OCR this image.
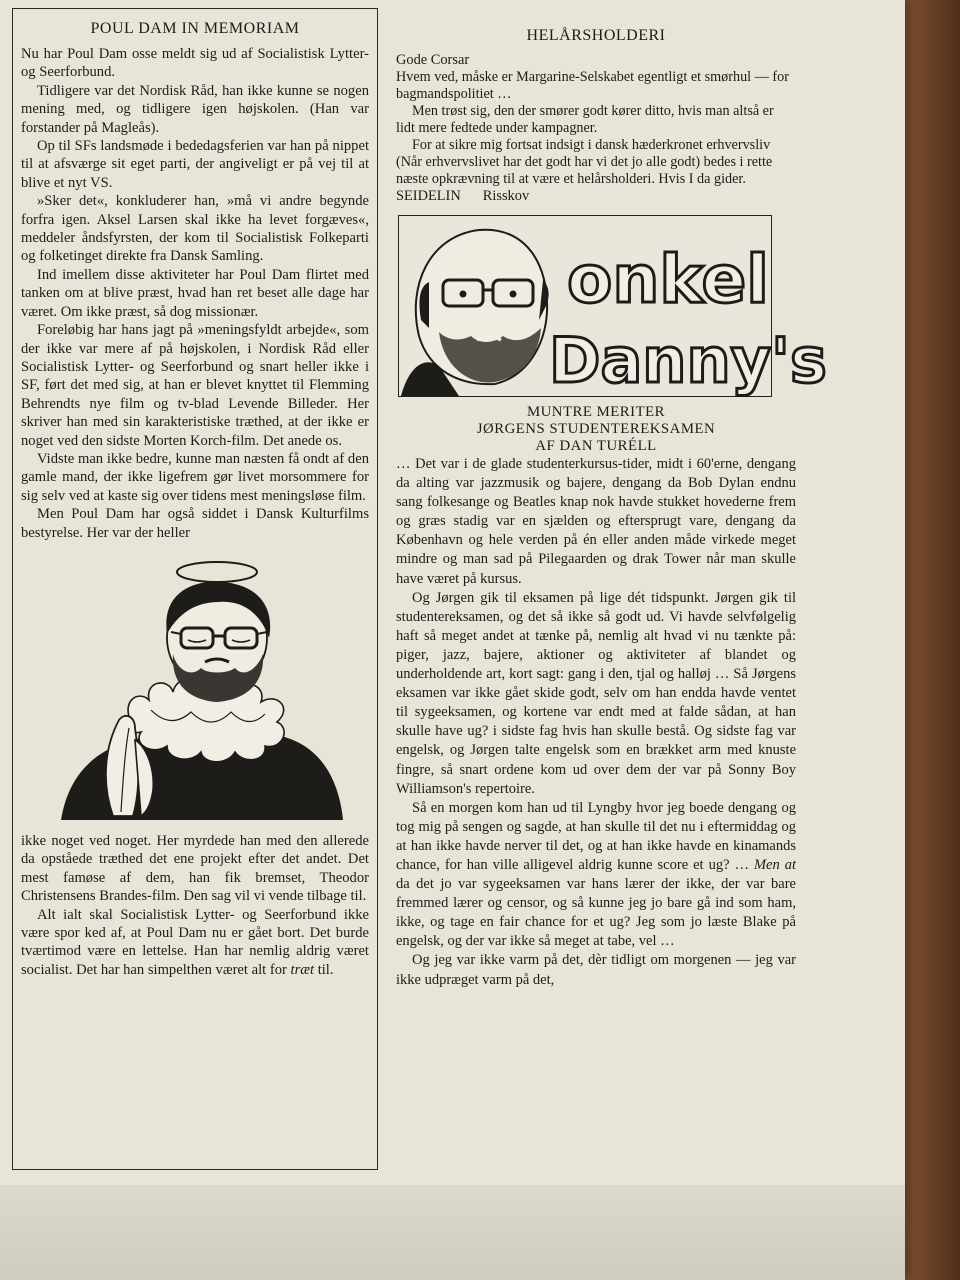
POUL DAM IN MEMORIAM

Nu har Poul Dam osse meldt sig ud af Socialistisk Lytter- og Seerforbund.

Tidligere var det Nordisk Råd, han ikke kunne se nogen mening med, og tidligere igen højskolen. (Han var forstander på Magleås).

Op til SFs landsmøde i bededagsferien var han på nippet til at afsværge sit eget parti, der angiveligt er på vej til at blive et nyt VS.

»Sker det«, konkluderer han, »må vi andre begynde forfra igen. Aksel Larsen skal ikke ha levet forgæves«, meddeler åndsfyrsten, der kom til Socialistisk Folkeparti og folketinget direkte fra Dansk Samling.

Ind imellem disse aktiviteter har Poul Dam flirtet med tanken om at blive præst, hvad han ret beset alle dage har været. Om ikke præst, så dog missionær.

Foreløbig har hans jagt på »meningsfyldt arbejde«, som der ikke var mere af på højskolen, i Nordisk Råd eller Socialistisk Lytter- og Seerforbund og snart heller ikke i SF, ført det med sig, at han er blevet knyttet til Flemming Behrendts nye film og tv-blad Levende Billeder. Her skriver han med sin karakteristiske træthed, at der ikke er noget ved den sidste Morten Korch-film. Det anede os.

Vidste man ikke bedre, kunne man næsten få ondt af den gamle mand, der ikke ligefrem gør livet morsommere for sig selv ved at kaste sig over tidens mest meningsløse film.

Men Poul Dam har også siddet i Dansk Kulturfilms bestyrelse. Her var der heller

ikke noget ved noget. Her myrdede han med den allerede da opståede træthed det ene projekt efter det andet. Det mest famøse af dem, han fik bremset, Theodor Christensens Brandes-film. Den sag vil vi vende tilbage til.

Alt ialt skal Socialistisk Lytter- og Seerforbund ikke være spor ked af, at Poul Dam nu er gået bort. Det burde tværtimod være en lettelse. Han har nemlig aldrig været socialist. Det har han simpelthen været alt for træt til.

HELÅRSHOLDERI
Gode Corsar

Hvem ved, måske er Margarine-Selskabet egentligt et smørhul — for bagmandspolitiet …

Men trøst sig, den der smører godt kører ditto, hvis man altså er lidt mere fedtede under kampagner.

For at sikre mig fortsat indsigt i dansk hæderkronet erhvervsliv (Når erhvervslivet har det godt har vi det jo alle godt) bedes i rette næste opkrævning til at være et helårsholderi. Hvis I da gider.

SEIDELIN Risskov
onkel
Danny's
MUNTRE MERITER
JØRGENS STUDENTEREKSAMEN
AF DAN TURÉLL

… Det var i de glade studenterkursus-tider, midt i 60'erne, dengang da alting var jazzmusik og bajere, dengang da Bob Dylan endnu sang folkesange og Beatles knap nok havde stukket hovederne frem og græs stadig var en sjælden og eftersprugt vare, dengang da København og hele verden på én eller anden måde virkede meget mindre og man sad på Pilegaarden og drak Tower når man skulle have været på kursus.

Og Jørgen gik til eksamen på lige dét tidspunkt. Jørgen gik til studentereksamen, og det så ikke så godt ud. Vi havde selvfølgelig haft så meget andet at tænke på, nemlig alt hvad vi nu tænkte på: piger, jazz, bajere, aktioner og aktiviteter af blandet og underholdende art, kort sagt: gang i den, tjal og halløj … Så Jørgens eksamen var ikke gået skide godt, selv om han endda havde ventet til sygeeksamen, og kortene var endt med at falde sådan, at han skulle have ug? i sidste fag hvis han skulle bestå. Og sidste fag var engelsk, og Jørgen talte engelsk som en brækket arm med knuste fingre, så snart ordene kom ud over dem der var på Sonny Boy Williamson's repertoire.

Så en morgen kom han ud til Lyngby hvor jeg boede dengang og tog mig på sengen og sagde, at han skulle til det nu i eftermiddag og at han ikke havde nerver til det, og at han ikke havde en kinamands chance, for han ville alligevel aldrig kunne score et ug? … Men at da det jo var sygeeksamen var hans lærer der ikke, der var bare fremmed lærer og censor, og så kunne jeg jo bare gå ind som ham, ikke, og tage en fair chance for et ug? Jeg som jo læste Blake på engelsk, og der var ikke så meget at tabe, vel …

Og jeg var ikke varm på det, dèr tidligt om morgenen — jeg var ikke udpræget varm på det,
